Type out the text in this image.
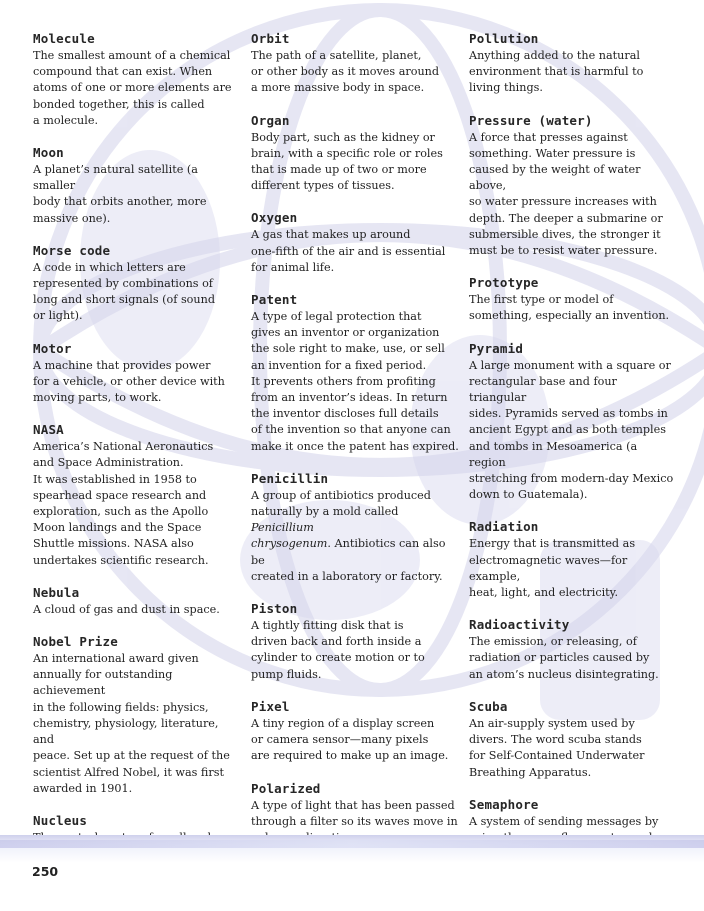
Molecule
The smallest amount of a chemical
compound that can exist. When
atoms of one or more elements are
bonded together, this is called
a molecule.
Moon
A planet’s natural satellite (a smaller
body that orbits another, more
massive one).
Morse code
A code in which letters are
represented by combinations of
long and short signals (of sound
or light).
Motor
A machine that provides power
for a vehicle, or other device with
moving parts, to work.
NASA
America’s National Aeronautics
and Space Administration.
It was established in 1958 to
spearhead space research and
exploration, such as the Apollo
Moon landings and the Space
Shuttle missions. NASA also
undertakes scientific research.
Nebula
A cloud of gas and dust in space.
Nobel Prize
An international award given
annually for outstanding achievement
in the following fields: physics,
chemistry, physiology, literature, and
peace. Set up at the request of the
scientist Alfred Nobel, it was first
awarded in 1901.
Nucleus
Orbit
The path of a satellite, planet,
or other body as it moves around
a more massive body in space.
Organ
Body part, such as the kidney or
brain, with a specific role or roles
that is made up of two or more
different types of tissues.
Oxygen
A gas that makes up around
one-fifth of the air and is essential
for animal life.
Patent
A type of legal protection that
gives an inventor or organization
the sole right to make, use, or sell
an invention for a fixed period.
It prevents others from profiting
from an inventor’s ideas. In return
the inventor discloses full details
of the invention so that anyone can
make it once the patent has expired.
Penicillin
A group of antibiotics produced
naturally by a mold called Penicillium
chrysogenum. Antibiotics can also be
created in a laboratory or factory.
Piston
A tightly fitting disk that is
driven back and forth inside a
cylinder to create motion or to
pump fluids.
Pixel
A tiny region of a display screen
or camera sensor—many pixels
are required to make up an image.
Polarized
A type of light that has been passed
through a filter so its waves move in

Pollution
Anything added to the natural
environment that is harmful to
living things.
Pressure (water)
A force that presses against
something. Water pressure is
caused by the weight of water above,
so water pressure increases with
depth. The deeper a submarine or
submersible dives, the stronger it
must be to resist water pressure.
Prototype
The first type or model of
something, especially an invention.
Pyramid
A large monument with a square or
rectangular base and four triangular
sides. Pyramids served as tombs in
ancient Egypt and as both temples
and tombs in Mesoamerica (a region
stretching from modern-day Mexico
down to Guatemala).
Radiation
Energy that is transmitted as
electromagnetic waves—for example,
heat, light, and electricity.
Radioactivity
The emission, or releasing, of
radiation or particles caused by
an atom’s nucleus disintegrating.
Scuba
An air-supply system used by
divers. The word scuba stands
for Self-Contained Underwater
Breathing Apparatus.
Semaphore
A system of sending messages by

250
